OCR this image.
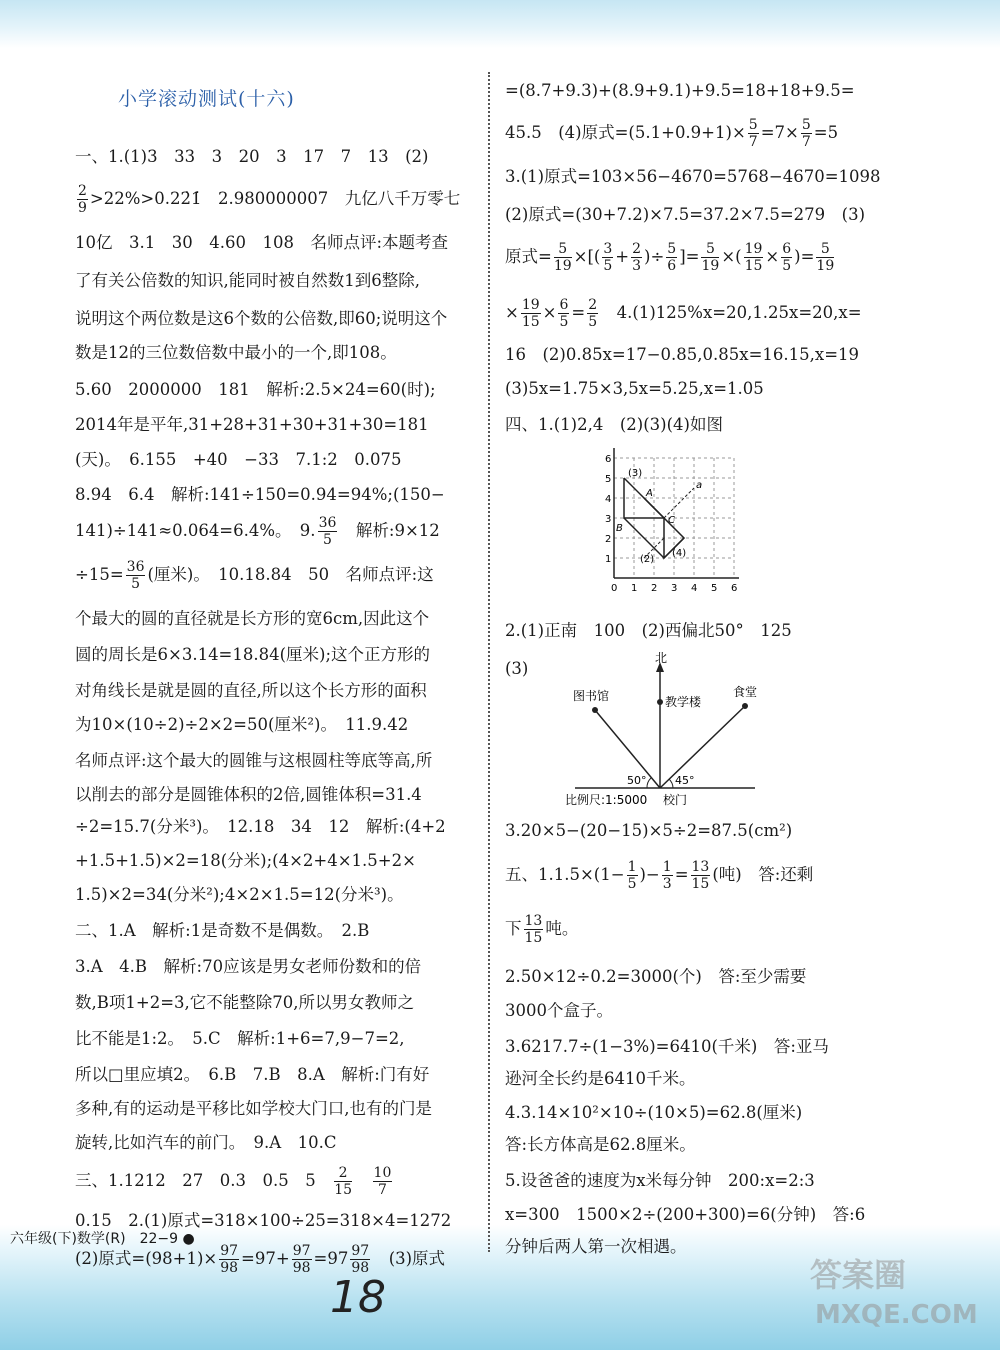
小学滚动测试(十六)
一、1.(1)3　33　3　20　3　17　7　13　(2)
$\frac{2}{9}$ >22%>0.22̇1̇　2.980000007　九亿八千万零七
10亿　3.1　30　4.60　108　名师点评:本题考查
了有关公倍数的知识,能同时被自然数1到6整除,
说明这个两位数是这6个数的公倍数,即60;说明这个
数是12的三位数倍数中最小的一个,即108。
5.60　2000000　181　解析:2.5×24=60(时);
2014年是平年,31+28+31+30+31+30=181
(天)。　6.155　+40　−33　7.1:2　0.075
8.94　6.4　解析:141÷150=0.94=94%;(150−
141)÷141≈0.064=6.4%。　9. $\frac{36}{5}$ 　解析:9×12
$\div 15= \frac{36}{5}$ (厘米)。　10.18.84　50　名师点评:这
个最大的圆的直径就是长方形的宽6cm,因此这个
圆的周长是6×3.14=18.84(厘米);这个正方形的
对角线长是就是圆的直径,所以这个长方形的面积
为10×(10÷2)÷2×2=50(厘米²)。　11.9.42
名师点评:这个最大的圆锥与这根圆柱等底等高,所
以削去的部分是圆锥体积的2倍,圆锥体积=31.4
÷2=15.7(分米³)。　12.18　34　12　解析:(4+2
+1.5+1.5)×2=18(分米);(4×2+4×1.5+2×
1.5)×2=34(分米²);4×2×1.5=12(分米³)。
二、1.A　解析:1是奇数不是偶数。　2.B
3.A　4.B　解析:70应该是男女老师份数和的倍
数,B项1+2=3,它不能整除70,所以男女教师之
比不能是1:2。　5.C　解析:1+6=7,9−7=2,
所以□里应填2。　6.B　7.B　8.A　解析:门有好
多种,有的运动是平移比如学校大门口,也有的门是
旋转,比如汽车的前门。　9.A　10.C
三、1.1212　27　0.3　0.5　5　 $\frac{2}{15}$
　 $\frac{10}{7}$
0.15　2.(1)原式=318×100÷25=318×4=1272
(2)原式$=(98+1)\times \frac{97}{98} =97+ \frac{97}{98} =97 \frac{97}{98}$ 　(3)原式
=(8.7+9.3)+(8.9+9.1)+9.5=18+18+9.5=
45.5　(4)原式$=(5.1+0.9+1)\times \frac{5}{7} =7\times \frac{5}{7} =5$
3.(1)原式=103×56−4670=5768−4670=1098
(2)原式=(30+7.2)×7.5=37.2×7.5=279　(3)
原式= $\frac{5}{19}$ ×[( $\frac{3}{5} + \frac{2}{3}$ )÷ $\frac{5}{6}$ ]= $\frac{5}{19}$ ×( $\frac{19}{15} \times \frac{6}{5}$ )= $\frac{5}{19}$
× $\frac{19}{15} \times \frac{6}{5} = \frac{2}{5}$ 　4.(1)125%x=20,1.25x=20,x=
16　(2)0.85x=17−0.85,0.85x=16.15,x=19
(3)5x=1.75×3,5x=5.25,x=1.05
四、1.(1)2,4　(2)(3)(4)如图
2.(1)正南　100　(2)西偏北50°　125
(3)
3.20×5−(20−15)×5÷2=87.5(cm²)
五、$1.1.5\times(1- \frac{1}{5}$ )− $\frac{1}{3} = \frac{13}{15}$ (吨)　答:还剩
下 $\frac{13}{15}$ 吨。
2.50×12÷0.2=3000(个)　答:至少需要
3000个盒子。
3.6217.7÷(1−3%)=6410(千米)　答:亚马
逊河全长约是6410千米。
4.3.14×10²×10÷(10×5)=62.8(厘米)
答:长方体高是62.8厘米。
5.设爸爸的速度为x米每分钟　200:x=2:3
x=300　1500×2÷(200+300)=6(分钟)　答:6
分钟后两人第一次相遇。
1
2
3
4
5
6
0 1 2 3 4 5 6
(3)
A
a
B
C
(2)
(4)
北
图书馆	教学楼
食堂
50°	45°
比例尺:1:5000 校门
六年级(下)数学(R)　22−9 ●
18	答案圈
MXQE.COM
